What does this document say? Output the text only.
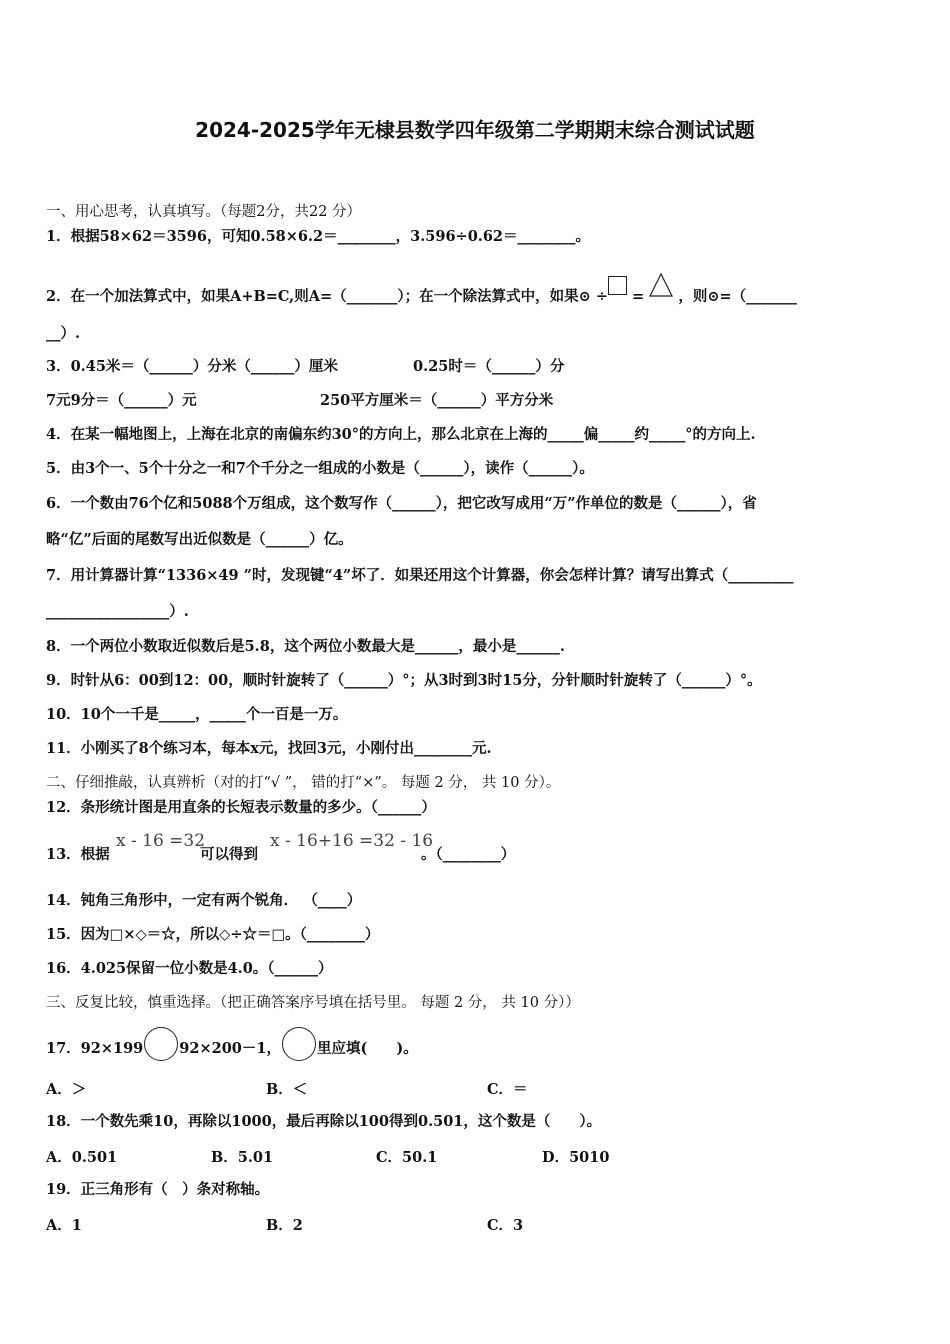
2024-2025学年无棣县数学四年级第二学期期末综合测试试题
一、用心思考，认真填写。（每题2分，共22 分）
1．根据58×62＝3596，可知0.58×6.2＝________，3.596÷0.62＝________。
2．在一个加法算式中，如果A+B=C,则A=（_______）；在一个除法算式中，如果⊙ ÷ = ，则⊙=（_______
__）.
3．0.45米＝（______）分米（______）厘米	0.25时＝（______）分
7元9分＝（______）元	250平方厘米＝（______）平方分米
4．在某一幅地图上，上海在北京的南偏东约30°的方向上，那么北京在上海的_____偏_____约_____°的方向上.
5．由3个一、5个十分之一和7个千分之一组成的小数是（______），读作（______）。
6．一个数由76个亿和5088个万组成，这个数写作（______），把它改写成用“万”作单位的数是（______），省
略“亿”后面的尾数写出近似数是（______）亿。
7．用计算器计算“1336×49 ”时，发现键“4”坏了．如果还用这个计算器，你会怎样计算？请写出算式（_________
_________________）.
8．一个两位小数取近似数后是5.8，这个两位小数最大是______，最小是______.
9．时针从6：00到12：00，顺时针旋转了（______）°；从3时到3时15分，分针顺时针旋转了（______）°。
10．10个一千是_____，_____个一百是一万。
11．小刚买了8个练习本，每本x元，找回3元，小刚付出________元.
二、仔细推敲，认真辨析（对的打“√ ”， 错的打“×”。 每题 2 分， 共 10 分）。
12．条形统计图是用直条的长短表示数量的多少。（______）
13．根据
x - 16 =32
可以得到
x - 16+16 =32 - 16
。（________）
14．钝角三角形中，一定有两个锐角． （____）
15．因为□×◇＝☆，所以◇÷☆＝□。（________）
16．4.025保留一位小数是4.0。（______）
三、反复比较，慎重选择。（把正确答案序号填在括号里。 每题 2 分， 共 10 分））
17．92×199 92×200－1， 里应填(　　)。
A．＞	B．＜	C．＝
18．一个数先乘10，再除以1000，最后再除以100得到0.501，这个数是（　　）。
A．0.501	B．5.01	C．50.1	D．5010
19．正三角形有（　）条对称轴。
A．1	B．2	C．3
